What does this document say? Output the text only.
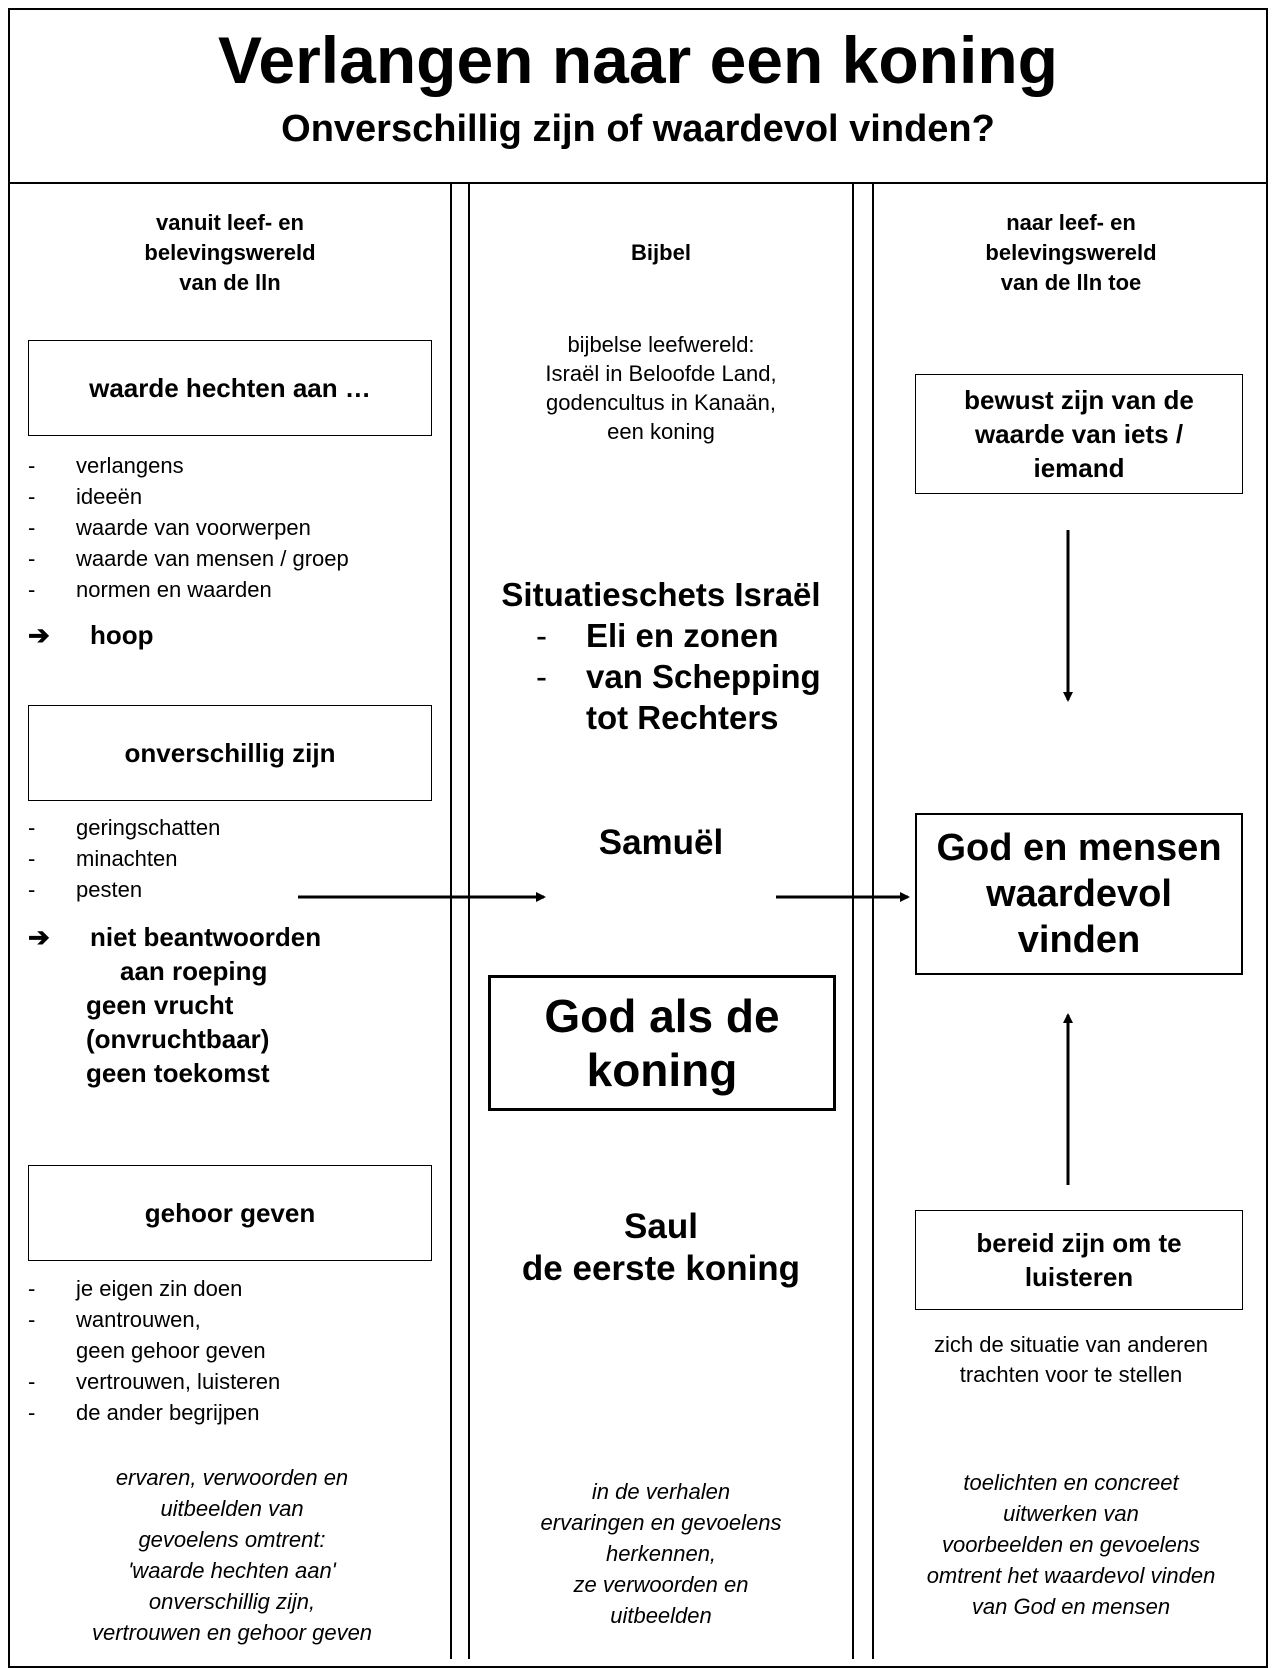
Verlangen naar een koning
Onverschillig zijn of waardevol vinden?
vanuit leef- en
belevingswereld
van de lln
waarde hechten aan …
- verlangens
- ideeën
- waarde van voorwerpen
- waarde van mensen / groep
- normen en waarden
➔ hoop
onverschillig zijn
- geringschatten
- minachten
- pesten
➔ niet beantwoorden
aan roeping
geen vrucht
(onvruchtbaar)
geen toekomst
gehoor geven
- je eigen zin doen
- wantrouwen,
geen gehoor geven
- vertrouwen, luisteren
- de ander begrijpen
ervaren, verwoorden en
uitbeelden van
gevoelens omtrent:
'waarde hechten aan'
onverschillig zijn,
vertrouwen en gehoor geven
Bijbel
bijbelse leefwereld:
Israël in Beloofde Land,
godencultus in Kanaän,
een koning
Situatieschets Israël
- Eli en zonen
- van Schepping
tot Rechters
Samuël
God als de
koning
Saul
de eerste koning
in de verhalen
ervaringen en gevoelens
herkennen,
ze verwoorden en
uitbeelden
naar leef- en
belevingswereld
van de lln toe
bewust zijn van de
waarde van iets /
iemand
God en mensen
waardevol
vinden
bereid zijn om te
luisteren
zich de situatie van anderen
trachten voor te stellen
toelichten en concreet
uitwerken van
voorbeelden en gevoelens
omtrent het waardevol vinden
van God en mensen
